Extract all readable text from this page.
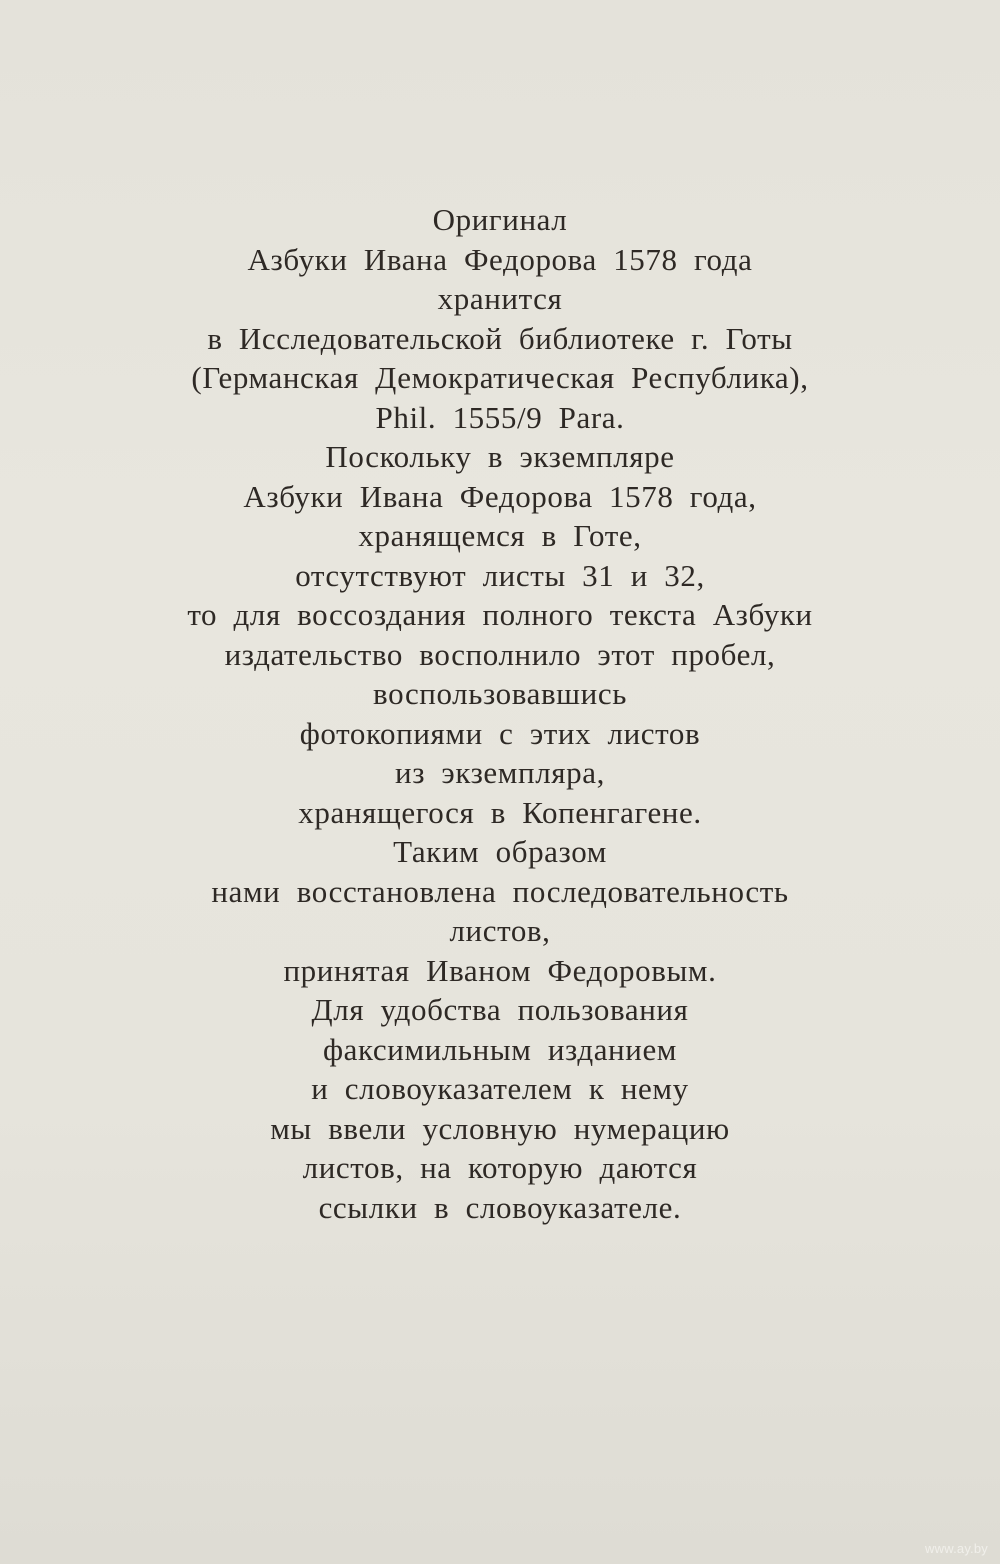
Оригинал
Азбуки Ивана Федорова 1578 года
хранится
в Исследовательской библиотеке г. Готы
(Германская Демократическая Республика),
Phil. 1555/9 Para.
Поскольку в экземпляре
Азбуки Ивана Федорова 1578 года,
хранящемся в Готе,
отсутствуют листы 31 и 32,
то для воссоздания полного текста Азбуки
издательство восполнило этот пробел,
воспользовавшись
фотокопиями с этих листов
из экземпляра,
хранящегося в Копенгагене.
Таким образом
нами восстановлена последовательность
листов,
принятая Иваном Федоровым.
Для удобства пользования
факсимильным изданием
и словоуказателем к нему
мы ввели условную нумерацию
листов, на которую даются
ссылки в словоуказателе.
www.ay.by
